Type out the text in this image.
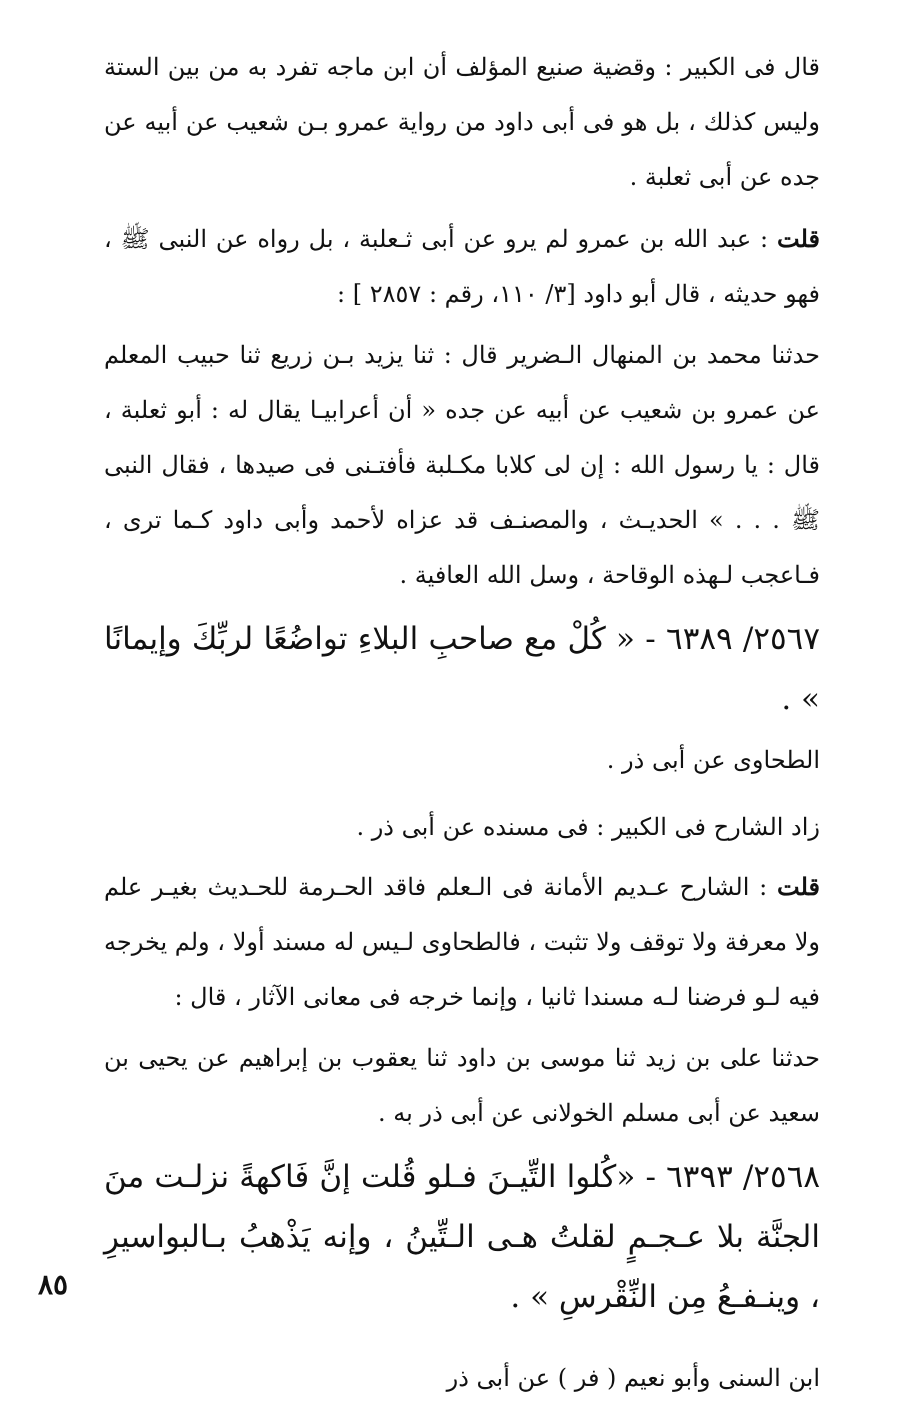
قال فى الكبير : وقضية صنيع المؤلف أن ابن ماجه تفرد به من بين الستة وليس كذلك ، بل هو فى أبى داود من رواية عمرو بـن شعيب عن أبيه عن جده عن أبى ثعلبة .

قلت : عبد الله بن عمرو لم يرو عن أبى ثـعلبة ، بل رواه عن النبى ﷺ ، فهو حديثه ، قال أبو داود [٣/ ١١٠، رقم : ٢٨٥٧ ] :

حدثنا محمد بن المنهال الـضرير قال : ثنا يزيد بـن زريع ثنا حبيب المعلم عن عمرو بن شعيب عن أبيه عن جده « أن أعرابيـا يقال له : أبو ثعلبة ، قال : يا رسول الله : إن لى كلابا مكـلبة فأفتـنى فى صيدها ، فقال النبى ﷺ . . . » الحديـث ، والمصنـف قد عزاه لأحمد وأبى داود كـما ترى ، فـاعجب لـهذه الوقاحة ، وسل الله العافية .

٢٥٦٧/ ٦٣٨٩ - « كُلْ مع صاحبِ البلاءِ تواضُعًا لربِّكَ وإيمانًا » .

الطحاوى عن أبى ذر .

زاد الشارح فى الكبير : فى مسنده عن أبى ذر .

قلت : الشارح عـديم الأمانة فى الـعلم فاقد الحـرمة للحـديث بغيـر علم ولا معرفة ولا توقف ولا تثبت ، فالطحاوى لـيس له مسند أولا ، ولم يخرجه فيه لـو فرضنا لـه مسندا ثانيا ، وإنما خرجه فى معانى الآثار ، قال :

حدثنا على بن زيد ثنا موسى بن داود ثنا يعقوب بن إبراهيم عن يحيى بن سعيد عن أبى مسلم الخولانى عن أبى ذر به .

٢٥٦٨/ ٦٣٩٣ - «كُلوا التِّيـنَ فـلو قُلت إنَّ فَاكهةً نزلـت منَ الجنَّة بلا عـجـمٍ لقلتُ هـى الـتِّينُ ، وإنه يَذْهبُ بـالبواسيرِ ، وينـفـعُ مِن النِّقْرسِ » .

ابن السنى وأبو نعيم ( فر ) عن أبى ذر

٨٥
